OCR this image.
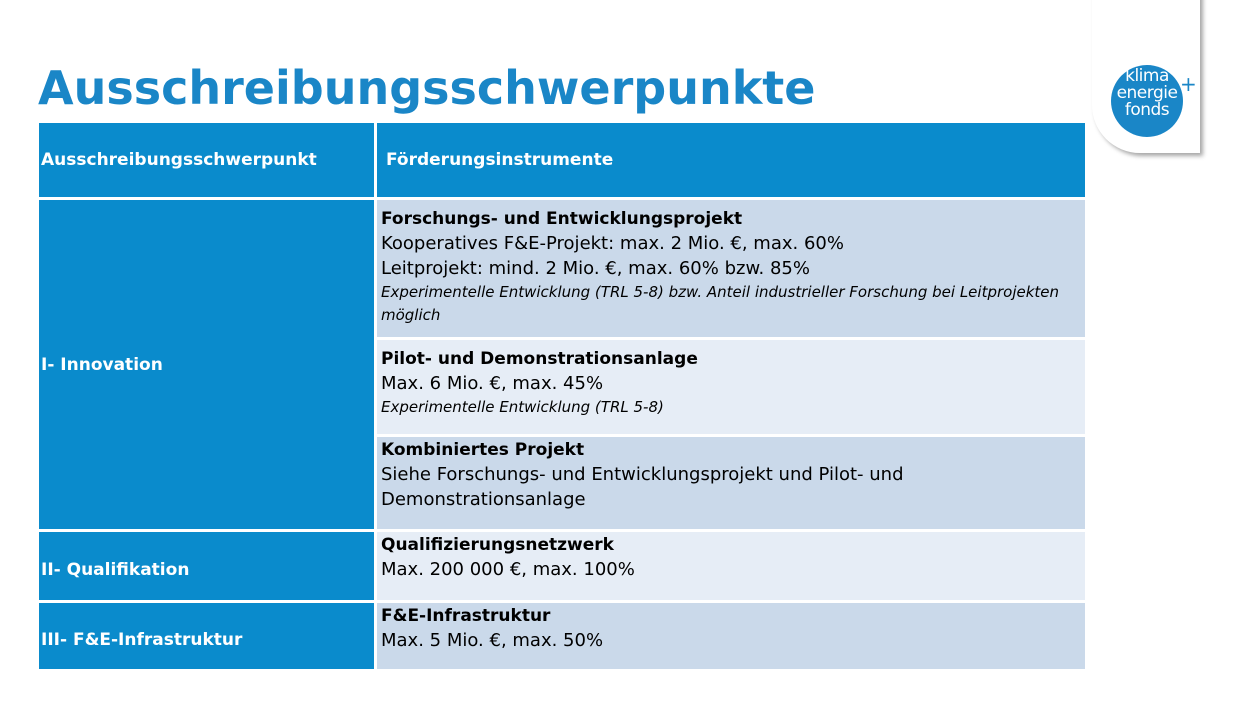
Ausschreibungsschwerpunkte	klima
energie
fonds
+
Ausschreibungsschwerpunkt	Förderungsinstrumente
I- Innovation	Forschungs- und Entwicklungsprojekt
Kooperatives F&E-Projekt: max. 2 Mio. €, max. 60%
Leitprojekt: mind. 2 Mio. €, max. 60% bzw. 85%
Experimentelle Entwicklung (TRL 5-8) bzw. Anteil industrieller Forschung bei Leitprojekten möglich

	Pilot- und Demonstrationsanlage
Max. 6 Mio. €, max. 45%
Experimentelle Entwicklung (TRL 5-8)

	Kombiniertes Projekt
Siehe Forschungs- und Entwicklungsprojekt und Pilot- und Demonstrationsanlage

II- Qualifikation	Qualifizierungsnetzwerk
Max. 200 000 €, max. 100%

III- F&E-Infrastruktur	F&E-Infrastruktur
Max. 5 Mio. €, max. 50%
